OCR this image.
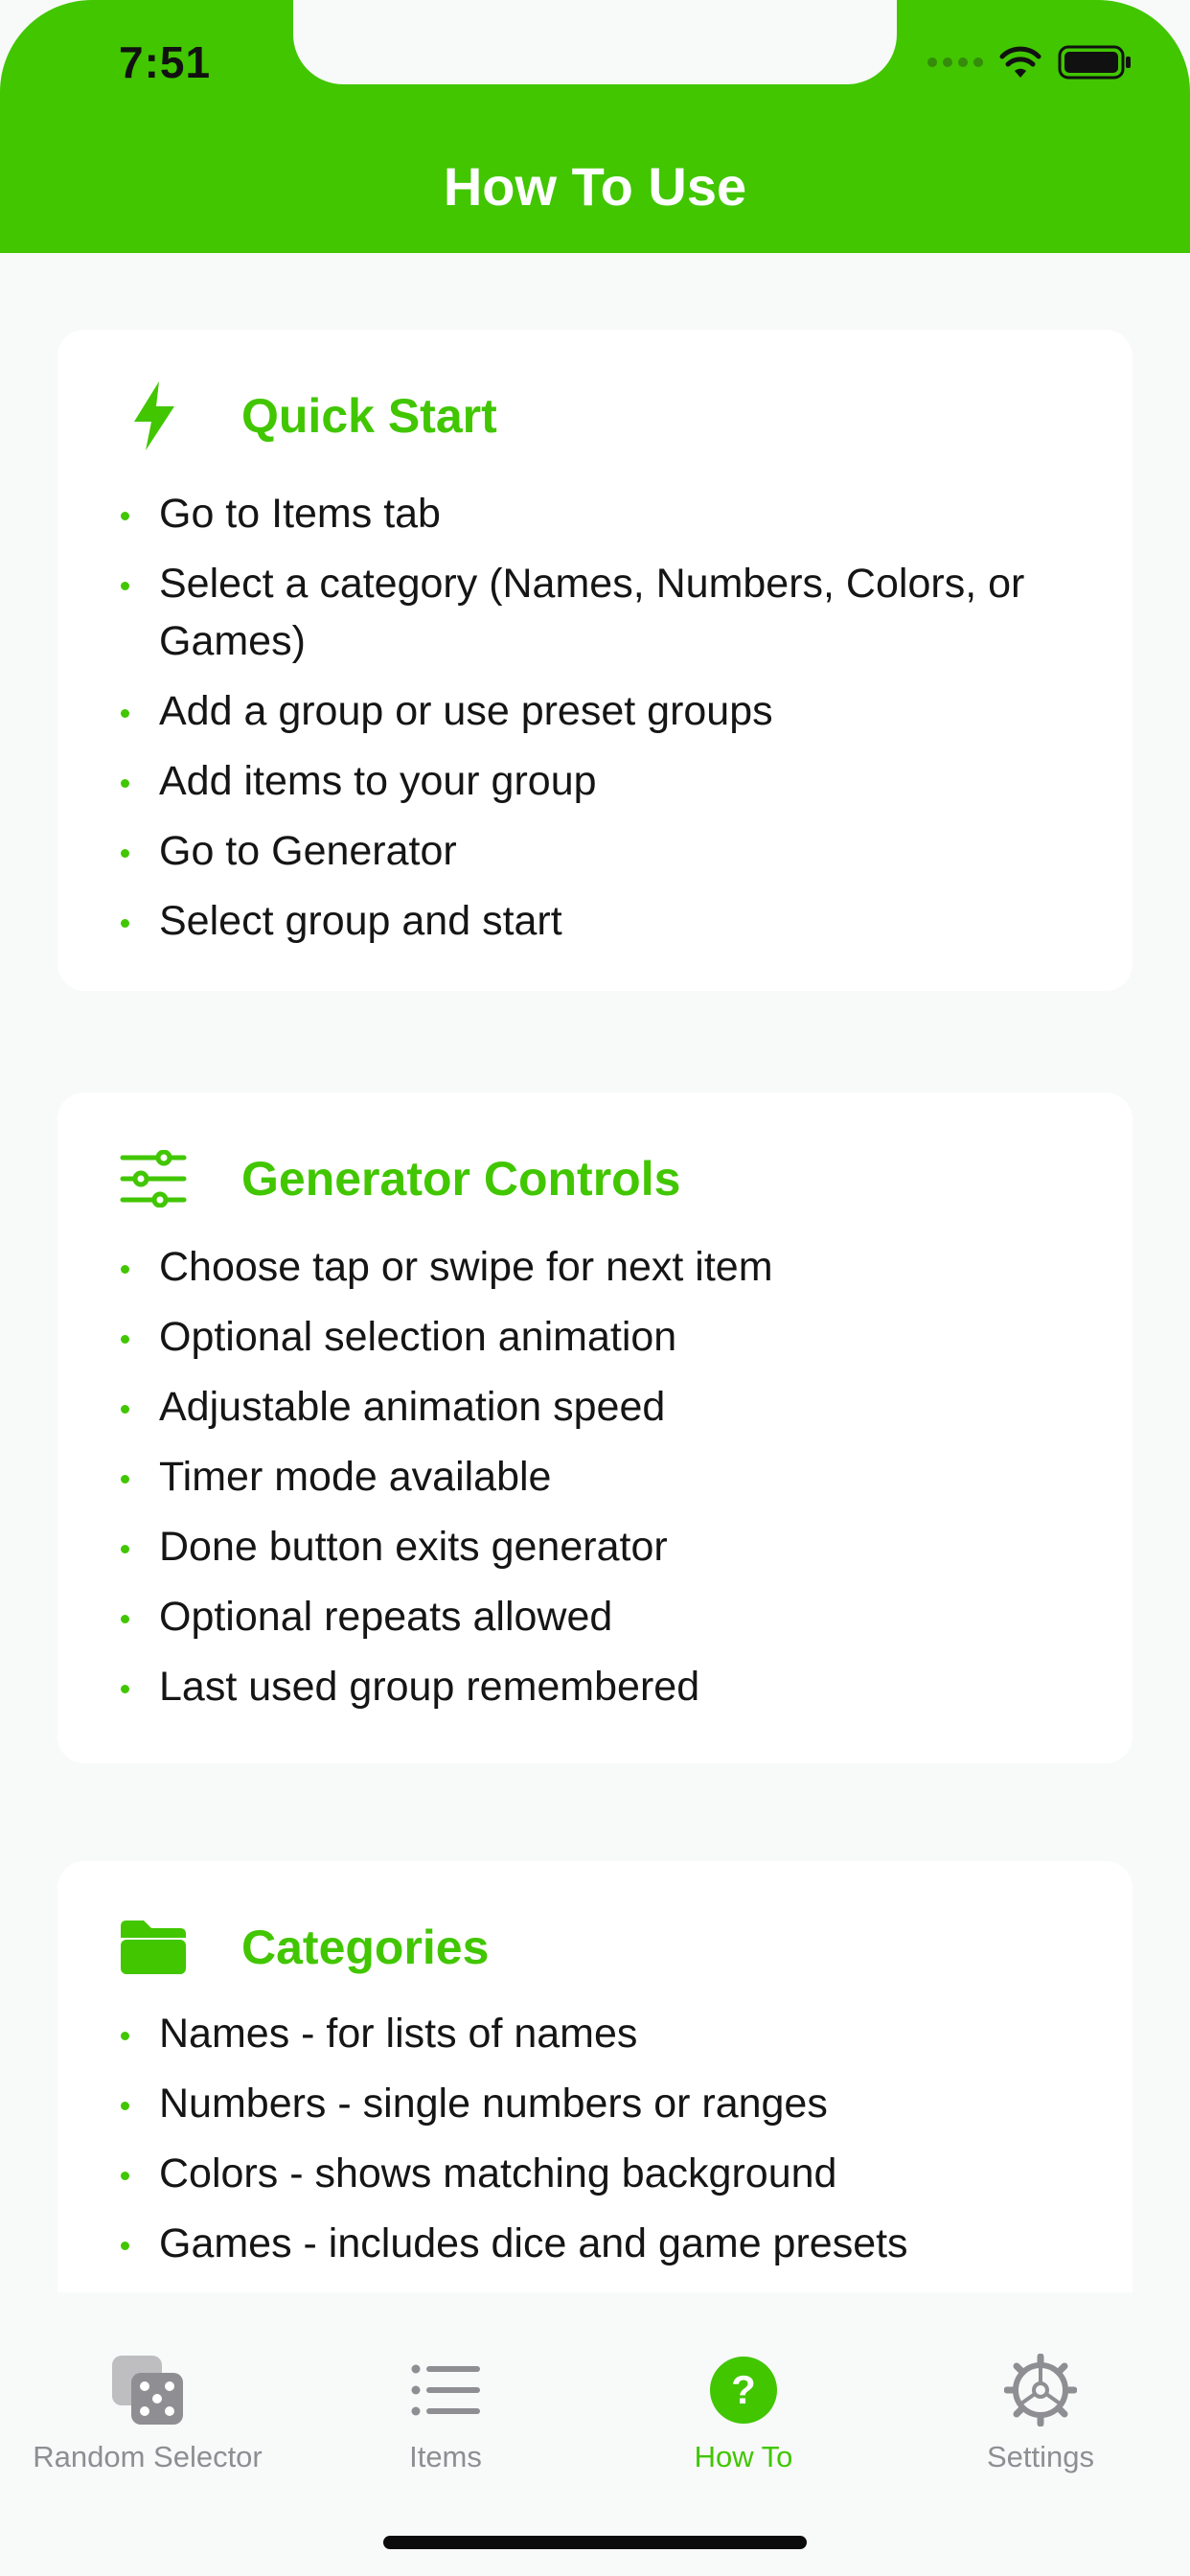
7:51
How To Use
Quick Start
Go to Items tab
Select a category (Names, Numbers, Colors, or Games)
Add a group or use preset groups
Add items to your group
Go to Generator
Select group and start
Generator Controls
Choose tap or swipe for next item
Optional selection animation
Adjustable animation speed
Timer mode available
Done button exits generator
Optional repeats allowed
Last used group remembered
Categories
Names - for lists of names
Numbers - single numbers or ranges
Colors - shows matching background
Games - includes dice and game presets
Random Selector	Items
?
How To	Settings
